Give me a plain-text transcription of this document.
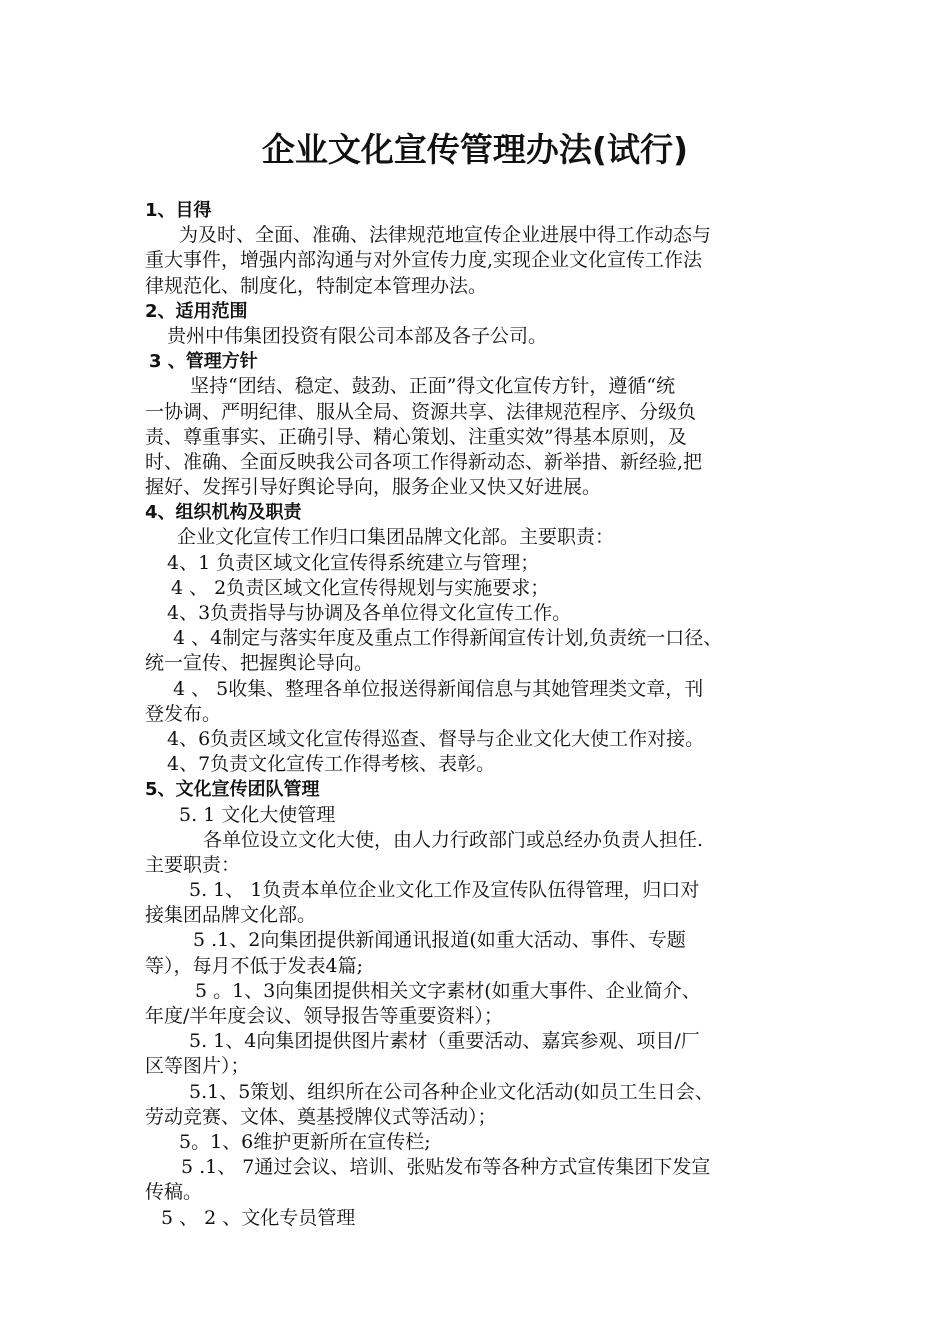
企业文化宣传管理办法(试行)
1、目得
为及时、全面、准确、法律规范地宣传企业进展中得工作动态与
重大事件，增强内部沟通与对外宣传力度,实现企业文化宣传工作法
律规范化、制度化，特制定本管理办法。
2、适用范围
贵州中伟集团投资有限公司本部及各子公司。
3 、管理方针
坚持“团结、稳定、鼓劲、正面”得文化宣传方针，遵循“统
一协调、严明纪律、服从全局、资源共享、法律规范程序、分级负
责、尊重事实、正确引导、精心策划、注重实效”得基本原则，及
时、准确、全面反映我公司各项工作得新动态、新举措、新经验,把
握好、发挥引导好舆论导向，服务企业又快又好进展。
4、组织机构及职责
企业文化宣传工作归口集团品牌文化部。主要职责：
4、1 负责区域文化宣传得系统建立与管理；
4 、 2负责区域文化宣传得规划与实施要求；
4、3负责指导与协调及各单位得文化宣传工作。
4 、4制定与落实年度及重点工作得新闻宣传计划,负责统一口径、
统一宣传、把握舆论导向。
4 、 5收集、整理各单位报送得新闻信息与其她管理类文章，刊
登发布。
4、6负责区域文化宣传得巡查、督导与企业文化大使工作对接。
4、7负责文化宣传工作得考核、表彰。
5、文化宣传团队管理
5. 1 文化大使管理
各单位设立文化大使，由人力行政部门或总经办负责人担任.
主要职责：
5. 1、 1负责本单位企业文化工作及宣传队伍得管理，归口对
接集团品牌文化部。
5 .1、2向集团提供新闻通讯报道(如重大活动、事件、专题
等），每月不低于发表4篇;
5 。1、3向集团提供相关文字素材(如重大事件、企业简介、
年度/半年度会议、领导报告等重要资料）；
5. 1、4向集团提供图片素材（重要活动、嘉宾参观、项目/厂
区等图片）；
5.1、5策划、组织所在公司各种企业文化活动(如员工生日会、
劳动竞赛、文体、奠基授牌仪式等活动）；
5。1、6维护更新所在宣传栏;
5 .1、 7通过会议、培训、张贴发布等各种方式宣传集团下发宣
传稿。
5 、 2 、文化专员管理
